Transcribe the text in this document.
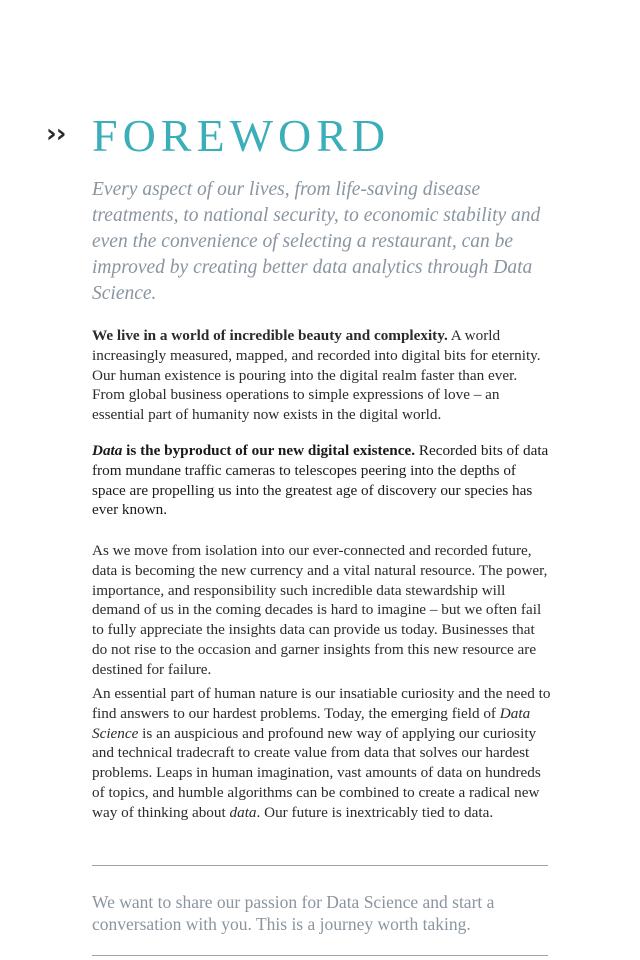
›› FOREWORD

Every aspect of our lives, from life-saving disease treatments, to national security, to economic stability and even the convenience of selecting a restaurant, can be improved by creating better data analytics through Data Science.

We live in a world of incredible beauty and complexity. A world increasingly measured, mapped, and recorded into digital bits for eternity. Our human existence is pouring into the digital realm faster than ever. From global business operations to simple expressions of love – an essential part of humanity now exists in the digital world.

Data is the byproduct of our new digital existence. Recorded bits of data from mundane traffic cameras to telescopes peering into the depths of space are propelling us into the greatest age of discovery our species has ever known.

As we move from isolation into our ever-connected and recorded future, data is becoming the new currency and a vital natural resource. The power, importance, and responsibility such incredible data stewardship will demand of us in the coming decades is hard to imagine – but we often fail to fully appreciate the insights data can provide us today. Businesses that do not rise to the occasion and garner insights from this new resource are destined for failure.

An essential part of human nature is our insatiable curiosity and the need to find answers to our hardest problems. Today, the emerging field of Data Science is an auspicious and profound new way of applying our curiosity and technical tradecraft to create value from data that solves our hardest problems. Leaps in human imagination, vast amounts of data on hundreds of topics, and humble algorithms can be combined to create a radical new way of thinking about data. Our future is inextricably tied to data.

We want to share our passion for Data Science and start a conversation with you. This is a journey worth taking.
